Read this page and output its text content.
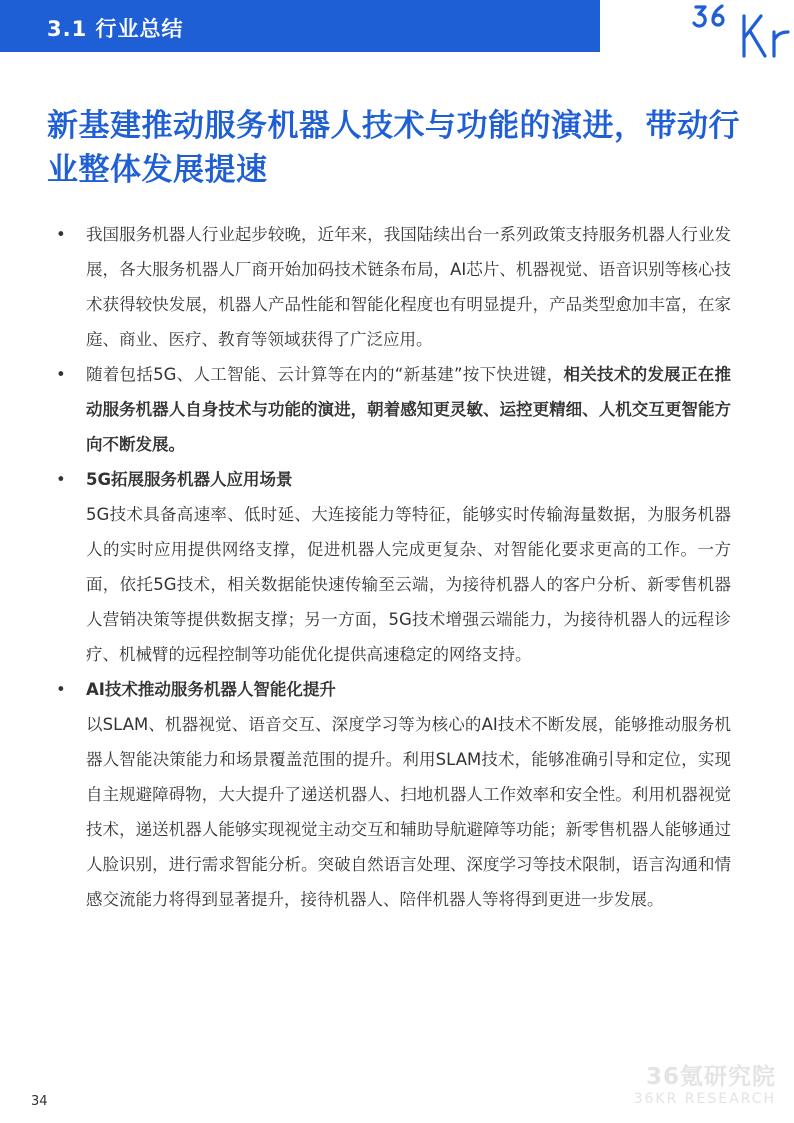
3.1 行业总结
新基建推动服务机器人技术与功能的演进，带动行业整体发展提速
• 我国服务机器人行业起步较晚，近年来，我国陆续出台一系列政策支持服务机器人行业发展，各大服务机器人厂商开始加码技术链条布局，AI芯片、机器视觉、语音识别等核心技术获得较快发展，机器人产品性能和智能化程度也有明显提升，产品类型愈加丰富，在家庭、商业、医疗、教育等领域获得了广泛应用。
• 随着包括5G、人工智能、云计算等在内的“新基建”按下快进键，相关技术的发展正在推动服务机器人自身技术与功能的演进，朝着感知更灵敏、运控更精细、人机交互更智能方向不断发展。
• 5G拓展服务机器人应用场景
5G技术具备高速率、低时延、大连接能力等特征，能够实时传输海量数据，为服务机器人的实时应用提供网络支撑，促进机器人完成更复杂、对智能化要求更高的工作。一方面，依托5G技术，相关数据能快速传输至云端，为接待机器人的客户分析、新零售机器人营销决策等提供数据支撑；另一方面，5G技术增强云端能力，为接待机器人的远程诊疗、机械臂的远程控制等功能优化提供高速稳定的网络支持。
• AI技术推动服务机器人智能化提升
以SLAM、机器视觉、语音交互、深度学习等为核心的AI技术不断发展，能够推动服务机器人智能决策能力和场景覆盖范围的提升。利用SLAM技术，能够准确引导和定位，实现自主规避障碍物，大大提升了递送机器人、扫地机器人工作效率和安全性。利用机器视觉技术，递送机器人能够实现视觉主动交互和辅助导航避障等功能；新零售机器人能够通过人脸识别，进行需求智能分析。突破自然语言处理、深度学习等技术限制，语言沟通和情感交流能力将得到显著提升，接待机器人、陪伴机器人等将得到更进一步发展。
36氪研究院
36KR RESEARCH
34
